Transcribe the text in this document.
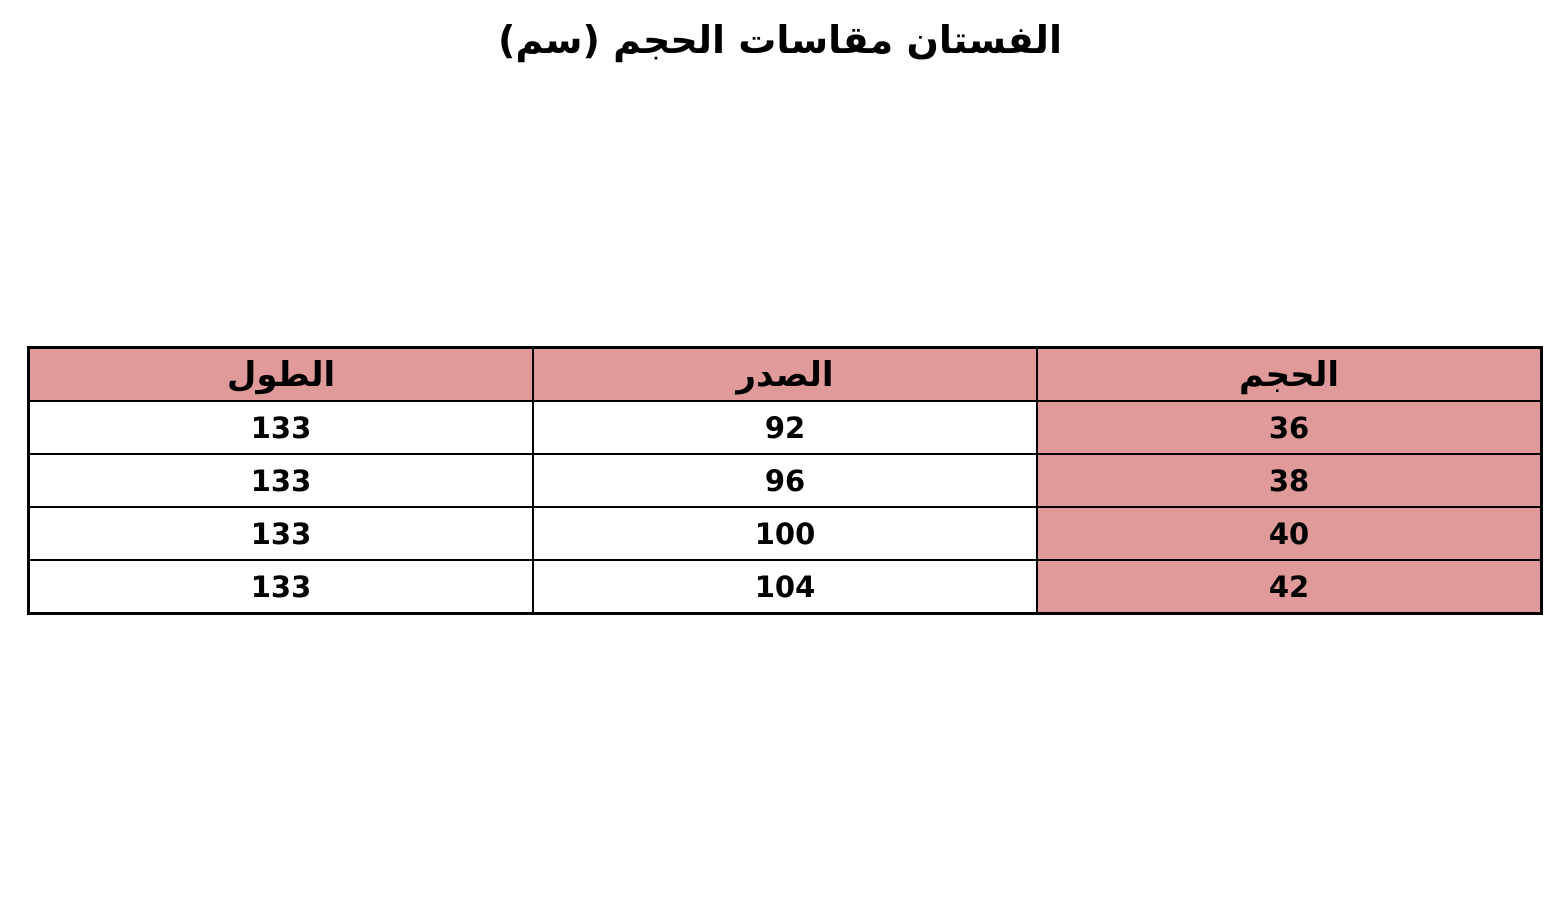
الفستان مقاسات الحجم (سم)
الحجم	الصدر	الطول
36	92	133
38	96	133
40	100	133
42	104	133
